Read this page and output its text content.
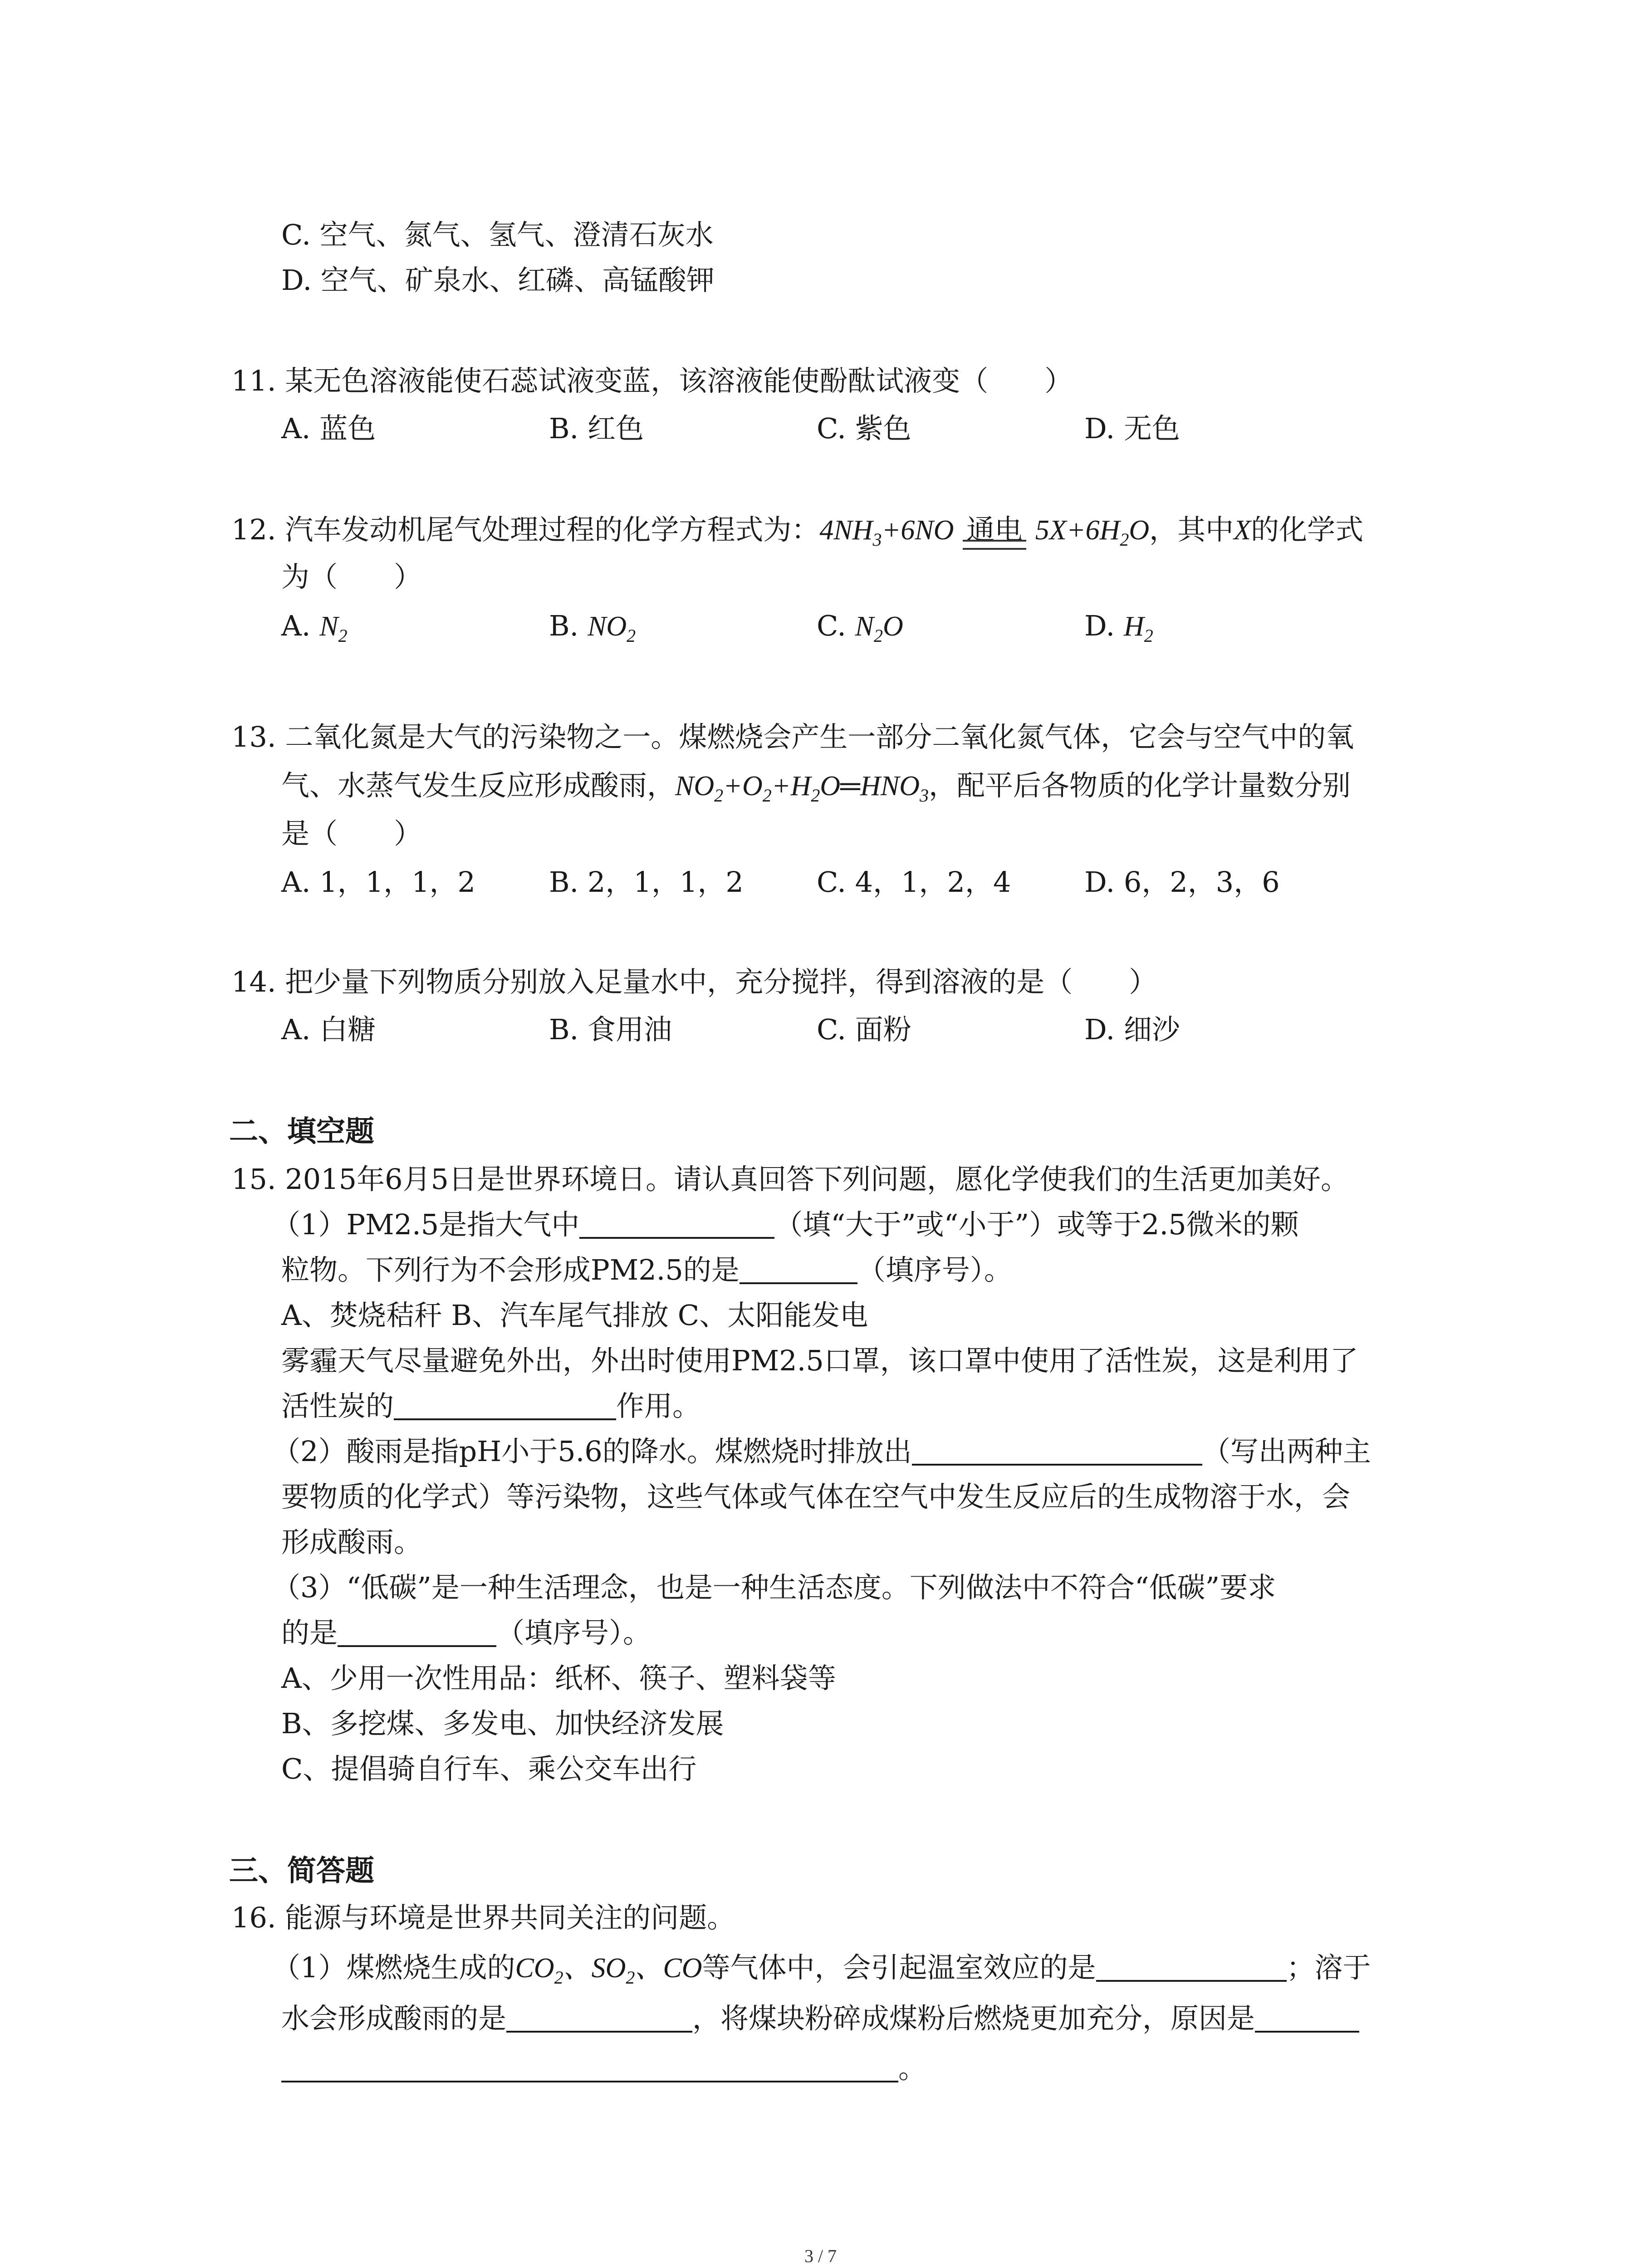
C. 空气、氮气、氢气、澄清石灰水
D. 空气、矿泉水、红磷、高锰酸钾
11. 某无色溶液能使石蕊试液变蓝，该溶液能使酚酞试液变（　　）
A. 蓝色	B. 红色	C. 紫色	D. 无色
12. 汽车发动机尾气处理过程的化学方程式为：$4NH_3+6NO$ 通电 $5X+6H_2O$，其中X的化学式
为（　　）
A. $N_2$	B. $NO_2$	C. $N_2O$	D. $H_2$
13. 二氧化氮是大气的污染物之一。煤燃烧会产生一部分二氧化氮气体，它会与空气中的氧
气、水蒸气发生反应形成酸雨，$NO_2+O_2+H_2O═HNO_3$，配平后各物质的化学计量数分别
是（　　）
A. 1，1，1，2	B. 2，1，1，2	C. 4，1，2，4	D. 6，2，3，6
14. 把少量下列物质分别放入足量水中，充分搅拌，得到溶液的是（　　）
A. 白糖	B. 食用油	C. 面粉	D. 细沙
二、填空题
15. 2015年6月5日是世界环境日。请认真回答下列问题，愿化学使我们的生活更加美好。
（1）PM2.5是指大气中	（填“大于”或“小于”）或等于2.5微米的颗
粒物。下列行为不会形成PM2.5的是	（填序号）。
A、焚烧秸秆 B、汽车尾气排放 C、太阳能发电
雾霾天气尽量避免外出，外出时使用PM2.5口罩，该口罩中使用了活性炭，这是利用了
活性炭的	作用。
（2）酸雨是指pH小于5.6的降水。煤燃烧时排放出	（写出两种主
要物质的化学式）等污染物，这些气体或气体在空气中发生反应后的生成物溶于水，会
形成酸雨。
（3）“低碳”是一种生活理念，也是一种生活态度。下列做法中不符合“低碳”要求
的是	（填序号）。
A、少用一次性用品：纸杯、筷子、塑料袋等
B、多挖煤、多发电、加快经济发展
C、提倡骑自行车、乘公交车出行
三、简答题
16. 能源与环境是世界共同关注的问题。
（1）煤燃烧生成的$CO_2$、$SO_2$、CO等气体中，会引起温室效应的是	；溶于
水会形成酸雨的是	，将煤块粉碎成煤粉后燃烧更加充分，原因是
。
3 / 7
